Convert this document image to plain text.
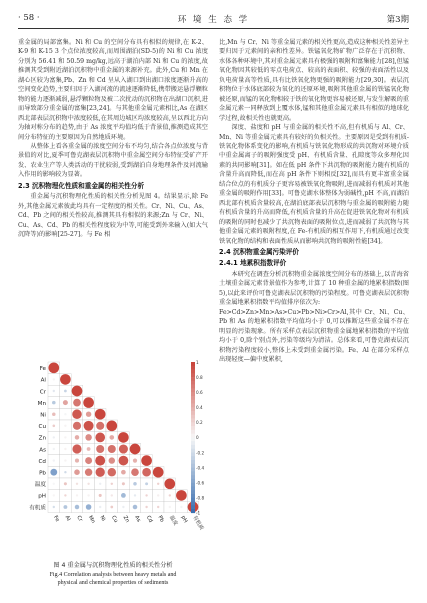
· 58 ·	环 境 生 态 学	第3期

重金属的局部富集。Ni 和 Cu 的空间分布具有相似的规律,在 K-2、K-9 和 K-15 3 个点位浓度较高,而周围湖泊(SD-5)的 Ni 和 Cu 浓度分别为 56.41 和 50.59 mg/kg,远高于湖泊内部 Ni 和 Cu 的浓度,故推测其受到附近湖泊沉积物中重金属的来源补充。此外,Cu 和 Mn 在湖心区较为富集,Pb、Zn 和 Cd 呈从入湖口到出湖口浓度逐渐升高的空间变化趋势,主要归因于入湖河流的流速逐渐降低,携带搬运悬浮颗粒物的能力逐渐减弱,悬浮颗粒物及被二次扰动的沉积物在出湖口沉积,进而导致部分重金属的富集[23,24]。与其他重金属元素相比,As 在湖区西北部表层沉积物中浓度较低,在其周边城区均浓度较高,呈以西北方向为轴对称分布的趋势,由于 As 浓度平均值均低于背景值,推测造成其空间分布特征的主要原因为自然地质环境。

从整体上看各重金属的浓度空间分布不均匀,结合各点位浓度与背景值的对比,夏季可鲁克湖表层沉积物中重金属空间分布特征受矿产开发、农业生产等人类活动的干扰较弱,受到湖泊自身地理条件及河流输入作用的影响较为显著。

2.3 沉积物理化性质和重金属的相关性分析

重金属与沉积物理化性质的相关性分析见图 4。结果显示,除 Fe 外,其他金属元素彼此均具有一定程度的相关性。Cr、Ni、Cu、As、Cd、Pb 之间的相关性较高,推测其具有相似的来源;Zn 与 Cr、Ni、Cu、As、Cd、Pb 的相关性程度较为中等,可能受到外来输入(如大气沉降等)的影响[25-27]。与 Fe 相

Fe
Al
Cr
Mn
Ni
Cu
Zn
As
Cd
Pb
温度
pH
有机质
Fe Al Cr Mn Ni Cu Zn As Cd Pb 温度 pH 有机质
1
0.8
0.6
0.4
0.2
0
-0.2
-0.4
-0.6
-0.8
-1
图 4 重金属与沉积物理化性质的相关性分析
Fig.4 Correlation analysis between heavy metals and
physical and chemical properties of sediments

比,Mn 与 Cr、Ni 等重金属元素的相关性更高,造成这种相关性差异主要归因于元素间的亲和性差异。铁锰氧化物矿物广泛存在于沉积物、水体各种环境中,其对重金属元素具有极强的吸附和富集能力[28],但锰氧化物因其较低的零点电荷点、较高的表面积、较强的表面活性以及负电荷量高等性质,具有比铁氧化物更强的吸附能力[29,30]。表层沉积物位于水体底部较为氧化的还原环境,吸附其他重金属的铁锰氧化物被还原,而锰的氧化物相较于铁的氧化物更容易被还原,与发生解吸的重金属元素一同释放到上覆水体,锰和其他重金属元素具有相似的地球化学过程,故相关性也就更高。

深度、盐度和 pH 与重金属的相关性不高,但有机质与 Al、Cr、Mn、Ni 等重金属元素具有较好的负相关性。主要原因是受到有机质-铁氧化物体系变化的影响,有机质与铁氧化物形成的共沉物对环境介质中重金属离子的吸附强度受 pH、有机质含量、孔隙度等众多理化因素的共同影响[31]。如在低 pH 条件下共沉物的吸附能力随有机质的含量升高而降低,而在高 pH 条件下则相反[32],而具有更丰富重金属结合位点的有机质分子更容易被铁氧化物吸附,进而减弱有机质对其他重金属的吸附作用[33]。可鲁克湖水体整体为弱碱性,pH 不高,而湖泊西北部有机质含量较高,在湖泊底部表层沉积物与重金属的吸附能力随有机质含量的升高而降低,有机质含量的升高在促进铁氧化物对有机质的吸附的同时也减少了共沉物表面的吸附位点,进而减弱了共沉物与其他重金属元素的吸附程度,在 Fe-有机质的相互作用下,有机质通过改变铁氧化物的结构和表面性质从而影响共沉物的吸附性能[34]。

2.4 沉积物重金属污染评价
2.4.1 地累积指数评价

本研究在调查分析沉积物重金属浓度空间分布的基础上,以青海省土壤重金属元素背景值作为参考,计算了 10 种重金属的地累积指数(图 5),以此来评价可鲁克湖表层沉积物的污染程度。可鲁克湖表层沉积物重金属地累积指数平均值排序依次为:

Fe>Cd>Zn>Mn>As>Cu>Pb>Ni>Cr>Al,其中 Cr、Ni、Cu、Pb 和 As 的地累积指数平均值均小于 0,可以推断这些重金属不存在明显的污染现象。所有采样点表层沉积物重金属地累积指数的平均值均小于 0,除个别点外,污染等级均为清洁。总体来看,可鲁克湖表层沉积物污染程度较小,整体上未受到重金属污染。Fe、Al 在部分采样点出现轻度—偏中度累积,
